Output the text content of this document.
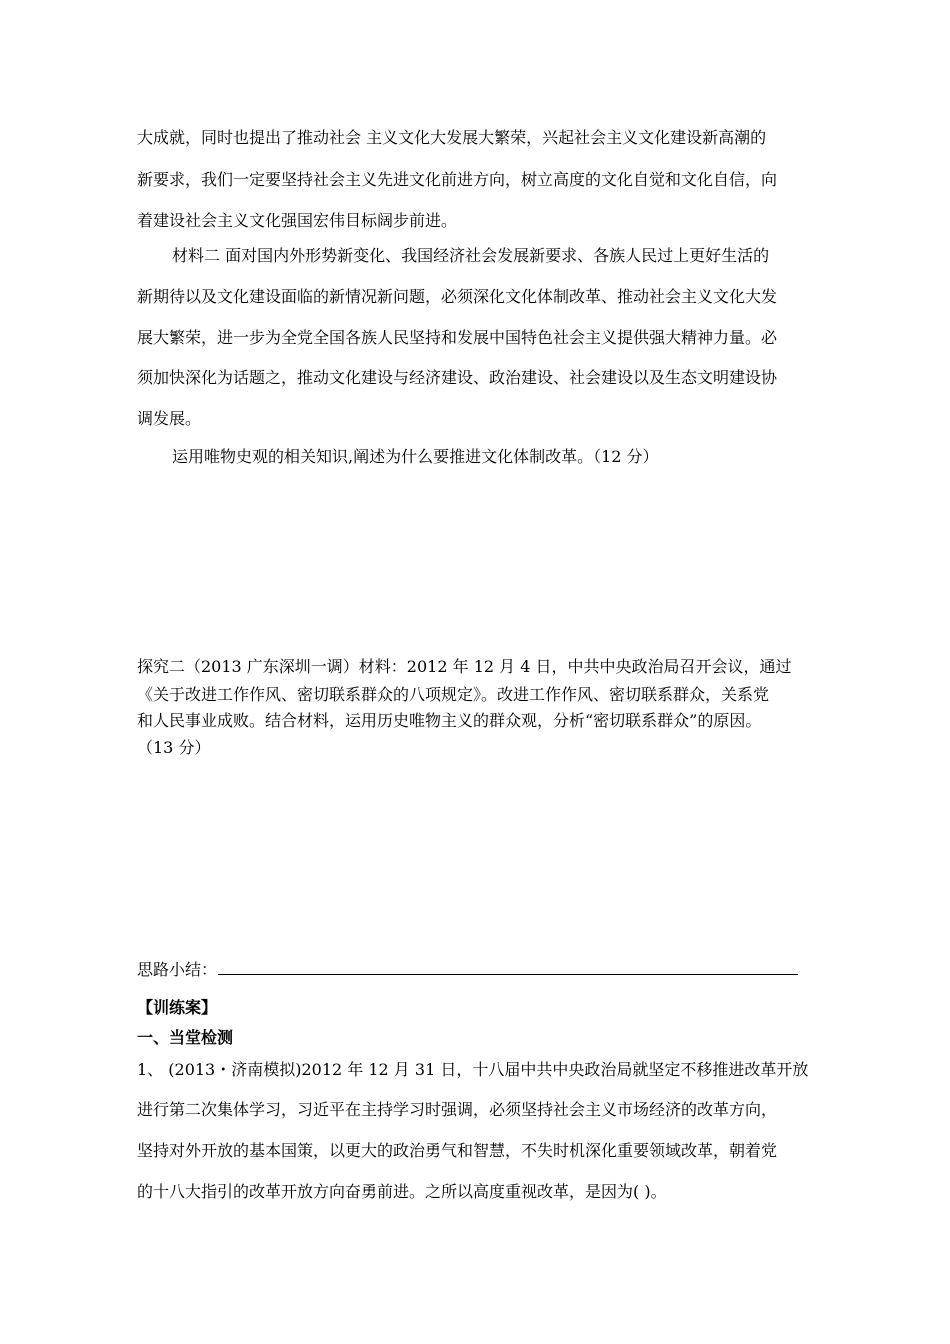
大成就，同时也提出了推动社会 主义文化大发展大繁荣，兴起社会主义文化建设新高潮的
新要求，我们一定要坚持社会主义先进文化前进方向，树立高度的文化自觉和文化自信，向
着建设社会主义文化强国宏伟目标阔步前进。
材料二 面对国内外形势新变化、我国经济社会发展新要求、各族人民过上更好生活的
新期待以及文化建设面临的新情况新问题，必须深化文化体制改革、推动社会主义文化大发
展大繁荣，进一步为全党全国各族人民坚持和发展中国特色社会主义提供强大精神力量。必
须加快深化为话题之，推动文化建设与经济建设、政治建设、社会建设以及生态文明建设协
调发展。
运用唯物史观的相关知识,阐述为什么要推进文化体制改革。（12 分）
探究二（2013 广东深圳一调）材料：2012 年 12 月 4 日，中共中央政治局召开会议，通过
《关于改进工作作风、密切联系群众的八项规定》。改进工作作风、密切联系群众，关系党
和人民事业成败。结合材料，运用历史唯物主义的群众观，分析“密切联系群众”的原因。
（13 分）
思路小结：
【训练案】
一、当堂检测
1、 (2013・济南模拟)2012 年 12 月 31 日，十八届中共中央政治局就坚定不移推进改革开放
进行第二次集体学习，习近平在主持学习时强调，必须坚持社会主义市场经济的改革方向，
坚持对外开放的基本国策，以更大的政治勇气和智慧，不失时机深化重要领域改革，朝着党
的十八大指引的改革开放方向奋勇前进。之所以高度重视改革，是因为( )。
